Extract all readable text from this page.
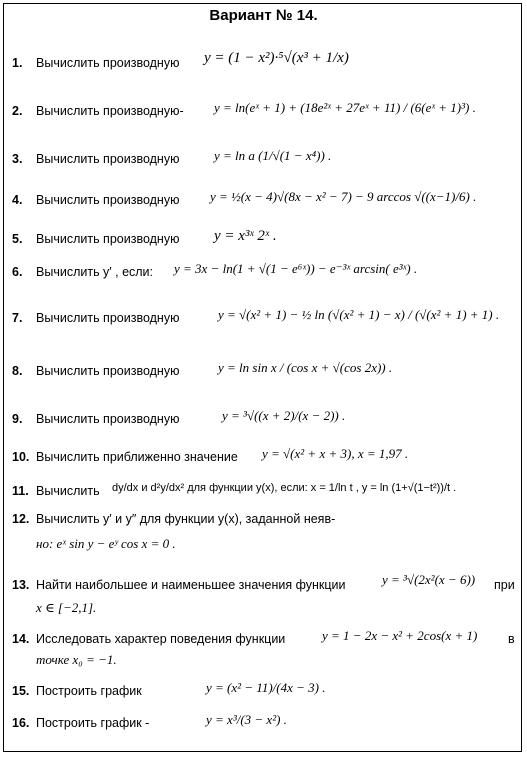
Вариант № 14.
1. Вычислить производную	y = (1 − x²)·⁵√(x³ + 1/x)
2. Вычислить производную-	y = ln(eˣ + 1) + (18e²ˣ + 27eˣ + 11) / (6(eˣ + 1)³) .
3. Вычислить производную	y = ln a (1/√(1 − x⁴)) .
4. Вычислить производную	y = ½(x − 4)√(8x − x² − 7) − 9 arccos √((x−1)/6) .
5. Вычислить производную	y = x³ˣ 2ˣ .
6. Вычислить y′ , если:	y = 3x − ln(1 + √(1 − e⁶ˣ)) − e⁻³ˣ arcsin( e³ˣ) .
7. Вычислить производную	y = √(x² + 1) − ½ ln (√(x² + 1) − x) / (√(x² + 1) + 1) .
8. Вычислить производную	y = ln sin x / (cos x + √(cos 2x)) .
9. Вычислить производную	y = ³√((x + 2)/(x − 2)) .
10. Вычислить приближенно значение	y = √(x² + x + 3), x = 1,97 .
11. Вычислить	dy/dx и d²y/dx² для функции y(x), если: x = 1/ln t , y = ln (1+√(1−t²))/t .
12. Вычислить y′ и y″ для функции y(x), заданной неяв-
но: eˣ sin y − eʸ cos x = 0 .
13. Найти наибольшее и наименьшее значения функции	y = ³√(2x²(x − 6)) при
x ∈ [−2,1].
14. Исследовать характер поведения функции	y = 1 − 2x − x² + 2cos(x + 1) в
точке x₀ = −1.
15. Построить график	y = (x² − 11)/(4x − 3) .
16. Построить график -	y = x³/(3 − x²) .
